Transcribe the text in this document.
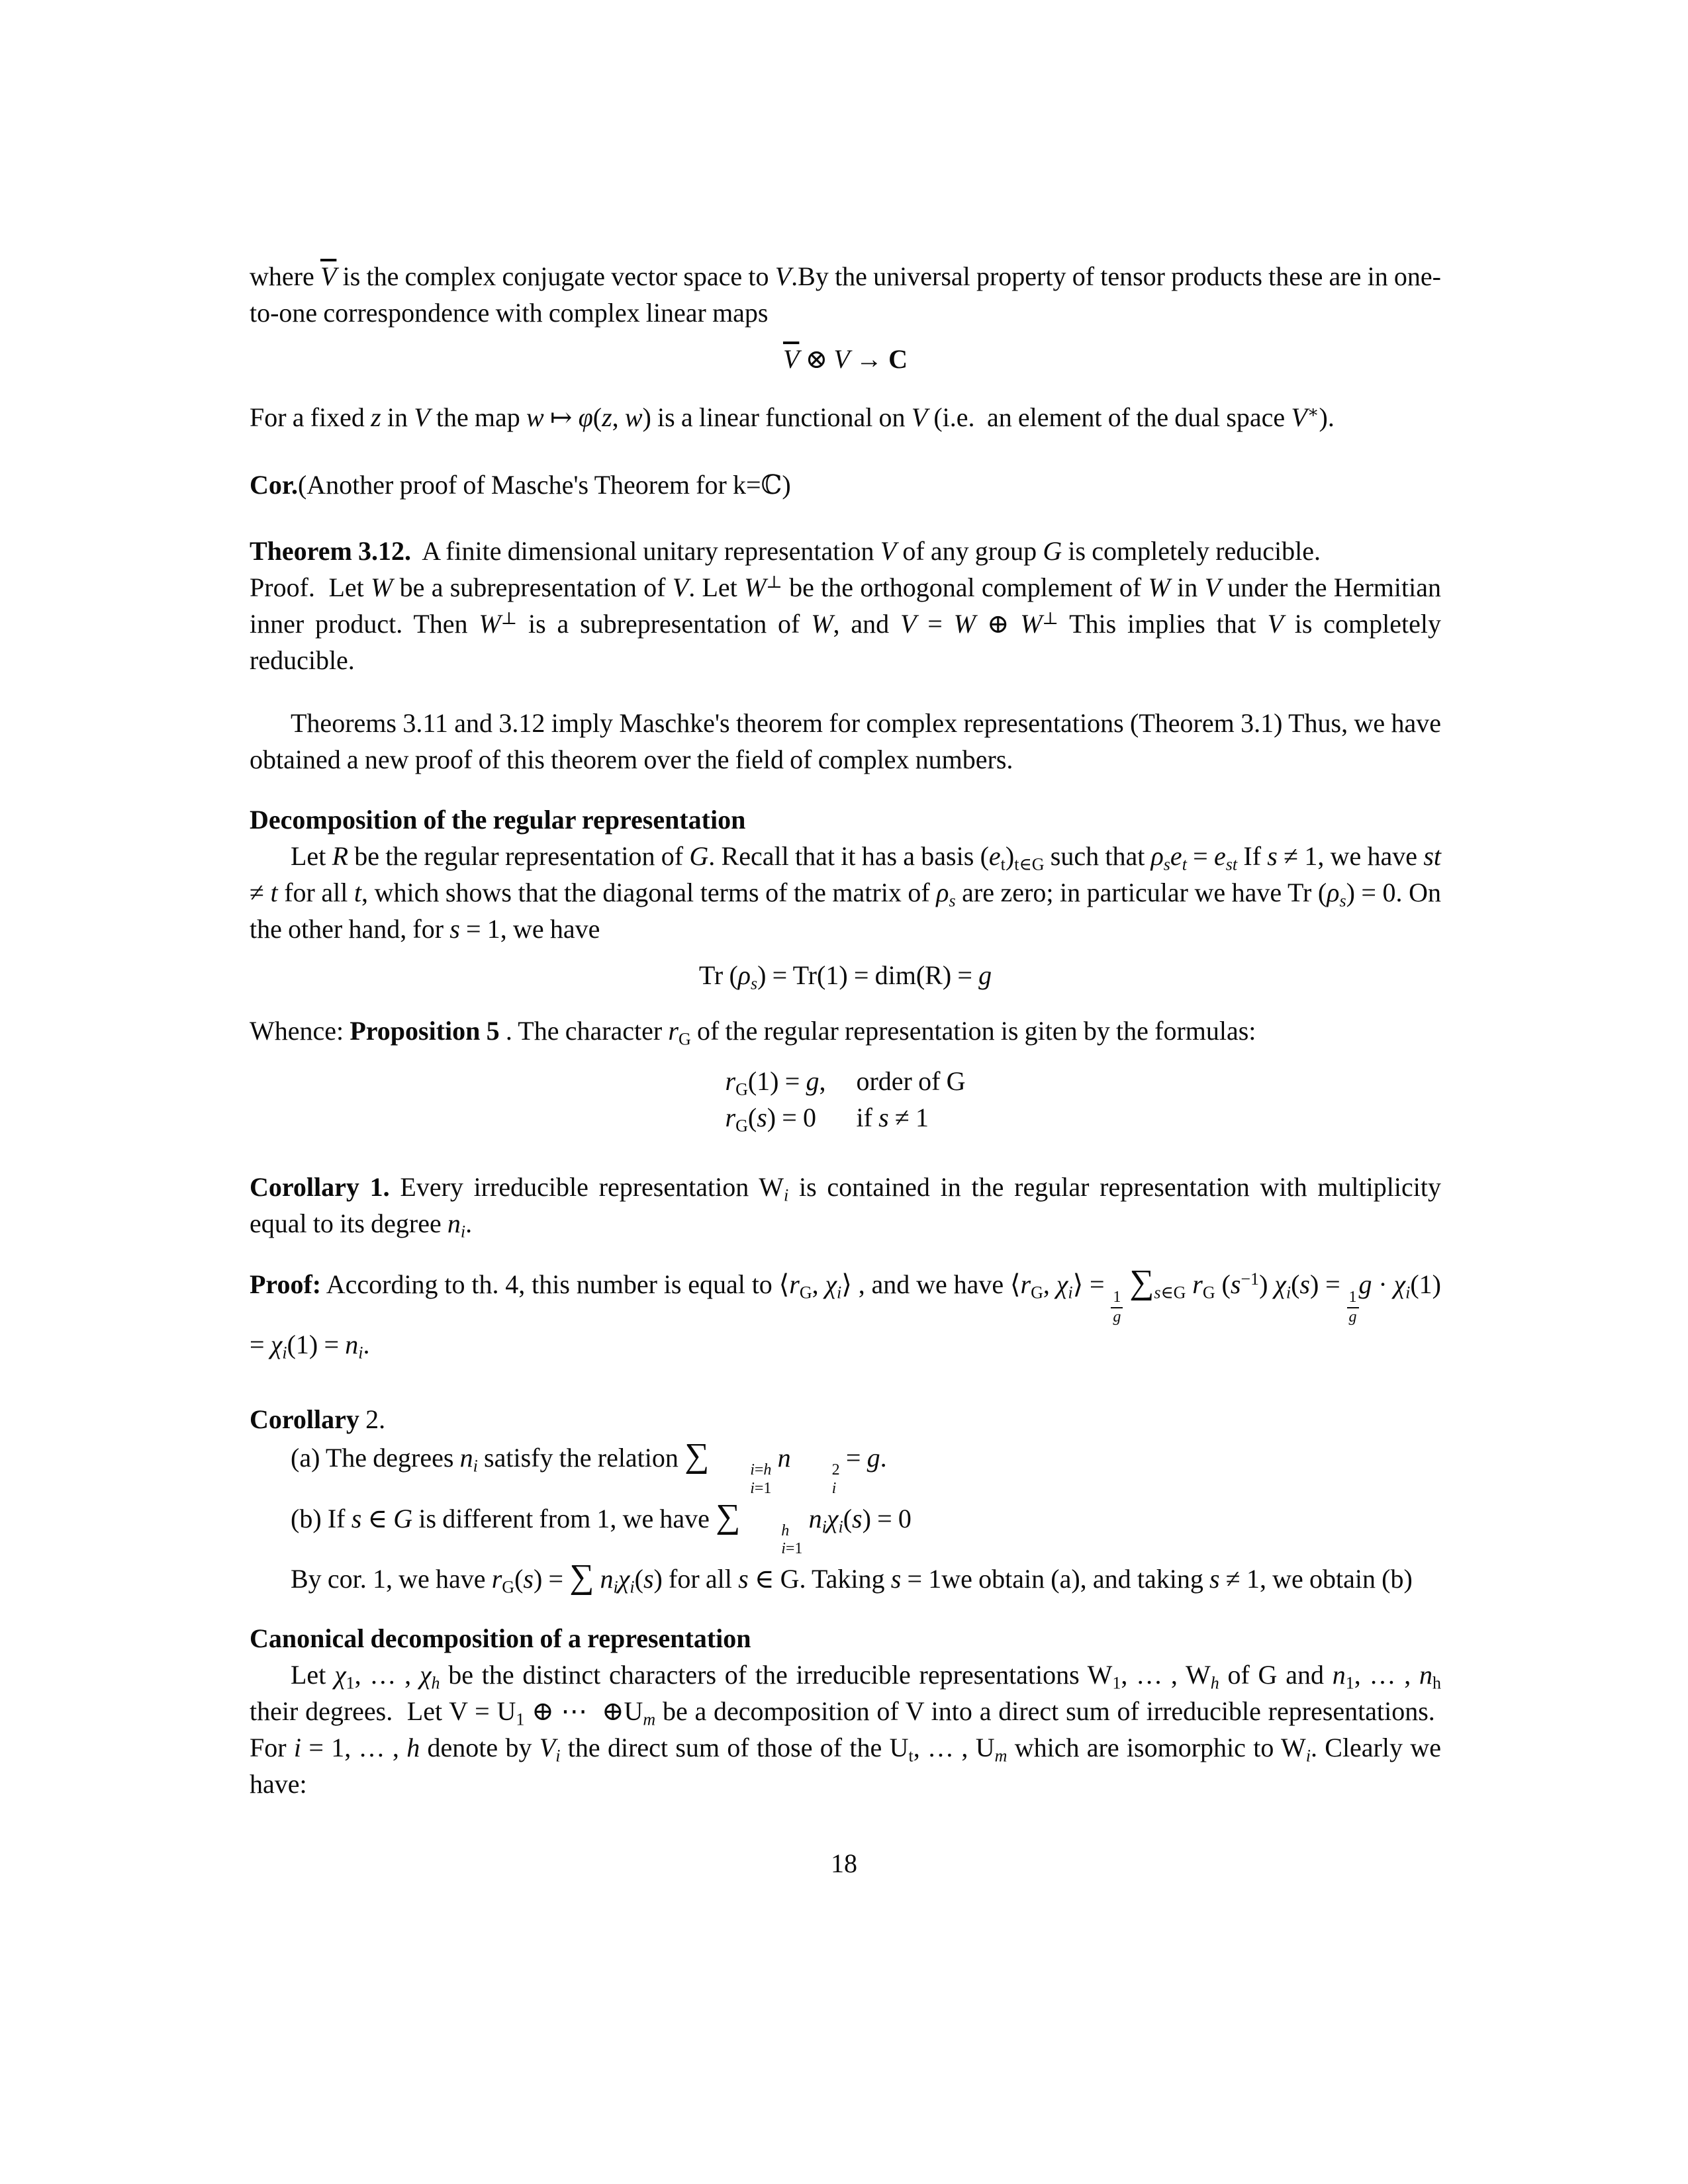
where $\overline{V}$ is the complex conjugate vector space to V.By the universal property of tensor products these are in one-to-one correspondence with complex linear maps

$\overline{V}$ ⊗ V → C

For a fixed z in V the map w ↦ φ(z, w) is a linear functional on V (i.e.  an element of the dual space V∗).

Cor.(Another proof of Masche's Theorem for k=ℂ)

Theorem 3.12.  A finite dimensional unitary representation V of any group G is completely reducible.

Proof.  Let W be a subrepresentation of V. Let W⊥ be the orthogonal complement of W in V under the Hermitian inner product. Then W⊥ is a subrepresentation of W, and V = W ⊕ W⊥ This implies that V is completely reducible.

Theorems 3.11 and 3.12 imply Maschke's theorem for complex representations (Theorem 3.1) Thus, we have obtained a new proof of this theorem over the field of complex numbers.

Decomposition of the regular representation

Let R be the regular representation of G. Recall that it has a basis $(e_t)_{t\in G}$ such that $\rho_se_t = e_{st}$ If s ≠ 1, we have st ≠ t for all t, which shows that the diagonal terms of the matrix of $\rho_s$ are zero; in particular we have Tr $(\rho_s) = 0$. On the other hand, for s = 1, we have

Tr $(\rho_s) = Tr(1) = dim(R) = g$

Whence: Proposition 5 . The character $r_G$ of the regular representation is giten by the formulas:

$r_G(1) = g$,	order of G
$r_G(s) = 0$	if s ≠ 1

Corollary 1. Every irreducible representation $W_i$ is contained in the regular representation with multiplicity equal to its degree $n_i$.

Proof: According to th. 4, this number is equal to $⟨r_G$, $\chi_i⟩$ , and we have $⟨r_G$, $\chi_i⟩$ =
$\frac{1}{g}$
$\sum_{s\in G}$ $r_G$ $(s^{-1}) \chi_i(s)$ =
$\frac{1}{g}$
$g \cdot \chi_i(1) = \chi_i(1) = n_i$.

Corollary 2.

(a) The degrees $n_i$ satisfy the relation ∑	i=h
i=1
n	2
i
= g.

(b) If s ∈ G is different from 1, we have ∑	h
i=1
$n_i\chi_i(s) = 0$

By cor. 1, we have $r_G(s)$ = ∑ $n_i\chi_i(s)$ for all s ∈ G. Taking s = 1we obtain (a), and taking s ≠ 1, we obtain (b)

Canonical decomposition of a representation

Let $\chi_1$, … , $\chi_h$ be the distinct characters of the irreducible representations $W_1$, … , $W_h$ of G and $n_1$, … , $n_h$ their degrees.  Let $V = U_1$ ⊕ ⋯  $\oplus U_m$ be a decomposition of V into a direct sum of irreducible representations.  For i = 1, … , h denote by $V_i$ the direct sum of those of the $U_t$, … , $U_m$ which are isomorphic to $W_i$. Clearly we have:

18
